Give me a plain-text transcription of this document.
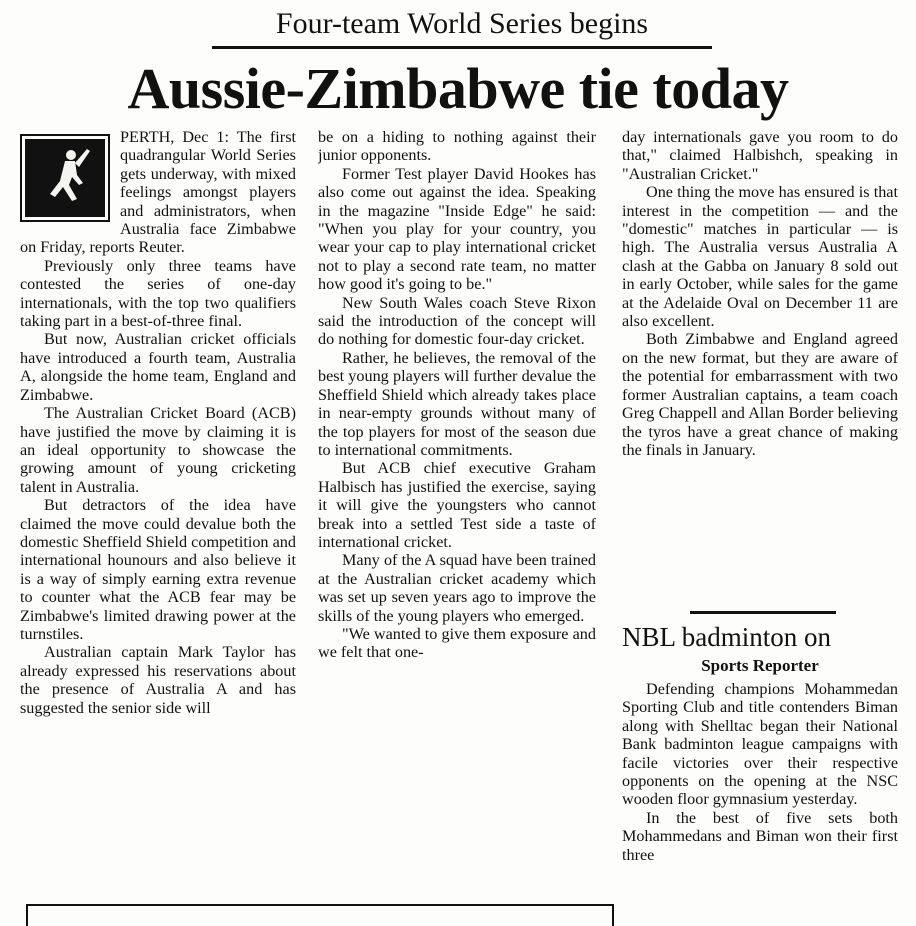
Four-team World Series begins
Aussie-Zimbabwe tie today

PERTH, Dec 1: The first quadrangular World Series gets underway, with mixed feelings amongst players and administrators, when Australia face Zimbabwe on Friday, reports Reuter.

Previously only three teams have contested the series of one-day internationals, with the top two qualifiers taking part in a best-of-three final.

But now, Australian cricket officials have introduced a fourth team, Australia A, alongside the home team, England and Zimbabwe.

The Australian Cricket Board (ACB) have justified the move by claiming it is an ideal opportunity to showcase the growing amount of young cricketing talent in Australia.

But detractors of the idea have claimed the move could devalue both the domestic Sheffield Shield competition and international hounours and also believe it is a way of simply earning extra revenue to counter what the ACB fear may be Zimbabwe's limited drawing power at the turnstiles.

Australian captain Mark Taylor has already expressed his reservations about the presence of Australia A and has suggested the senior side will

be on a hiding to nothing against their junior opponents.

Former Test player David Hookes has also come out against the idea. Speaking in the magazine "Inside Edge" he said: "When you play for your country, you wear your cap to play international cricket not to play a second rate team, no matter how good it's going to be."

New South Wales coach Steve Rixon said the introduction of the concept will do nothing for domestic four-day cricket.

Rather, he believes, the removal of the best young players will further devalue the Sheffield Shield which already takes place in near-empty grounds without many of the top players for most of the season due to international commitments.

But ACB chief executive Graham Halbisch has justified the exercise, saying it will give the youngsters who cannot break into a settled Test side a taste of international cricket.

Many of the A squad have been trained at the Australian cricket academy which was set up seven years ago to improve the skills of the young players who emerged.

"We wanted to give them exposure and we felt that one-

day internationals gave you room to do that," claimed Halbishch, speaking in "Australian Cricket."

One thing the move has ensured is that interest in the competition — and the "domestic" matches in particular — is high. The Australia versus Australia A clash at the Gabba on January 8 sold out in early October, while sales for the game at the Adelaide Oval on December 11 are also excellent.

Both Zimbabwe and England agreed on the new format, but they are aware of the potential for embarrassment with two former Australian captains, a team coach Greg Chappell and Allan Border believing the tyros have a great chance of making the finals in January.

NBL badminton on
Sports Reporter

Defending champions Mohammedan Sporting Club and title contenders Biman along with Shelltac began their National Bank badminton league campaigns with facile victories over their respective opponents on the opening at the NSC wooden floor gymnasium yesterday.

In the best of five sets both Mohammedans and Biman won their first three
